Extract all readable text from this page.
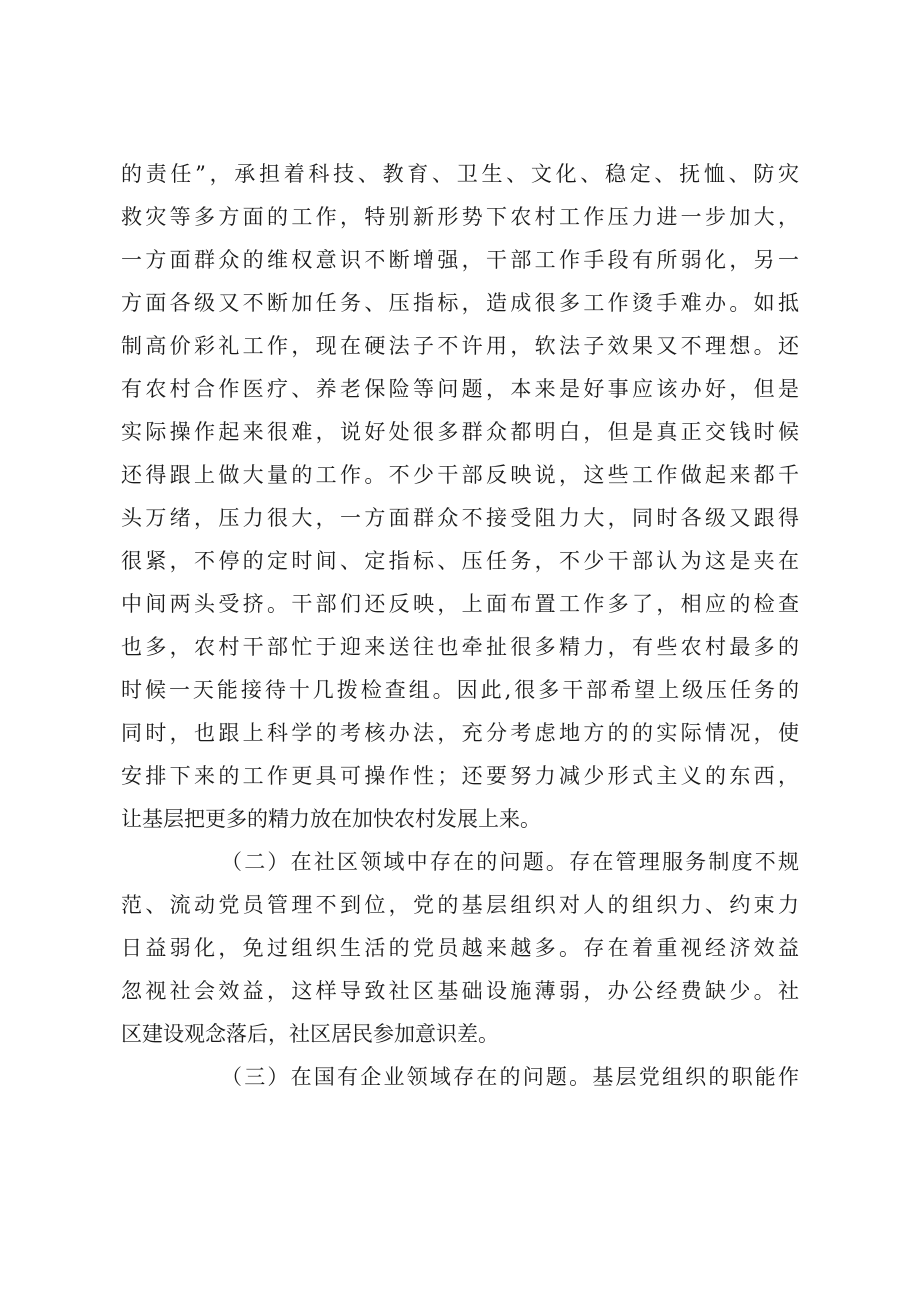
的责任”，承担着科技、教育、卫生、文化、稳定、抚恤、防灾
救灾等多方面的工作，特别新形势下农村工作压力进一步加大，
一方面群众的维权意识不断增强，干部工作手段有所弱化，另一
方面各级又不断加任务、压指标，造成很多工作烫手难办。如抵
制高价彩礼工作，现在硬法子不许用，软法子效果又不理想。还
有农村合作医疗、养老保险等问题，本来是好事应该办好，但是
实际操作起来很难，说好处很多群众都明白，但是真正交钱时候
还得跟上做大量的工作。不少干部反映说，这些工作做起来都千
头万绪，压力很大，一方面群众不接受阻力大，同时各级又跟得
很紧，不停的定时间、定指标、压任务，不少干部认为这是夹在
中间两头受挤。干部们还反映，上面布置工作多了，相应的检查
也多，农村干部忙于迎来送往也牵扯很多精力，有些农村最多的
时候一天能接待十几拨检查组。因此,很多干部希望上级压任务的
同时，也跟上科学的考核办法，充分考虑地方的的实际情况，使
安排下来的工作更具可操作性；还要努力减少形式主义的东西，
让基层把更多的精力放在加快农村发展上来。
（二）在社区领域中存在的问题。存在管理服务制度不规
范、流动党员管理不到位，党的基层组织对人的组织力、约束力
日益弱化，免过组织生活的党员越来越多。存在着重视经济效益
忽视社会效益，这样导致社区基础设施薄弱，办公经费缺少。社
区建设观念落后，社区居民参加意识差。
（三）在国有企业领域存在的问题。基层党组织的职能作
